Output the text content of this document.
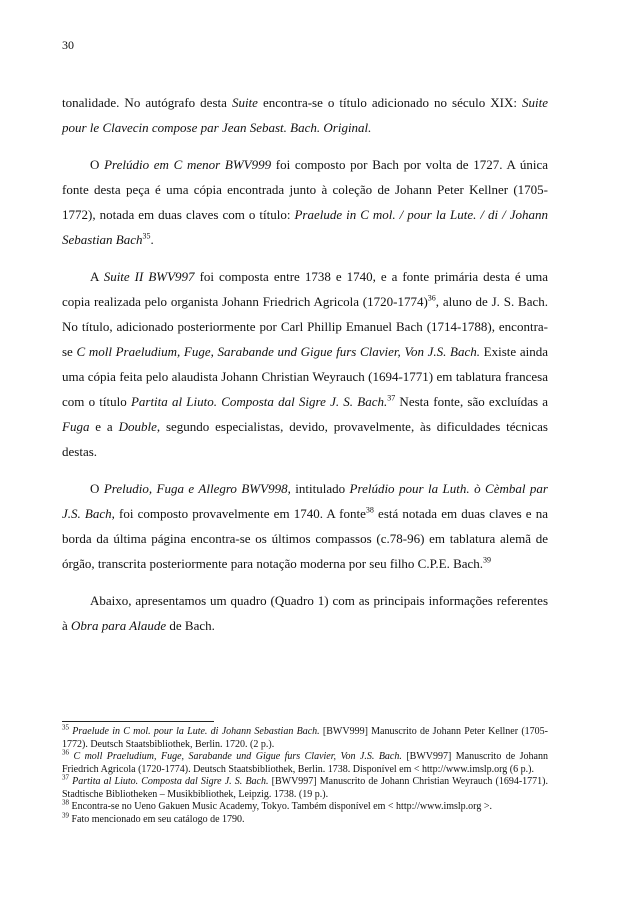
30

tonalidade. No autógrafo desta Suite encontra-se o título adicionado no século XIX: Suite pour le Clavecin compose par Jean Sebast. Bach. Original.

O Prelúdio em C menor BWV999 foi composto por Bach por volta de 1727. A única fonte desta peça é uma cópia encontrada junto à coleção de Johann Peter Kellner (1705-1772), notada em duas claves com o título: Praelude in C mol. / pour la Lute. / di / Johann Sebastian Bach$^{35}$.

A Suite II BWV997 foi composta entre 1738 e 1740, e a fonte primária desta é uma copia realizada pelo organista Johann Friedrich Agricola (1720-1774)$^{36}$, aluno de J. S. Bach. No título, adicionado posteriormente por Carl Phillip Emanuel Bach (1714-1788), encontra-se C moll Praeludium, Fuge, Sarabande und Gigue furs Clavier, Von J.S. Bach. Existe ainda uma cópia feita pelo alaudista Johann Christian Weyrauch (1694-1771) em tablatura francesa com o título Partita al Liuto. Composta dal Sigre J. S. Bach.$^{37}$ Nesta fonte, são excluídas a Fuga e a Double, segundo especialistas, devido, provavelmente, às dificuldades técnicas destas.

O Preludio, Fuga e Allegro BWV998, intitulado Prelúdio pour la Luth. ò Cèmbal par J.S. Bach, foi composto provavelmente em 1740. A fonte$^{38}$ está notada em duas claves e na borda da última página encontra-se os últimos compassos (c.78-96) em tablatura alemã de órgão, transcrita posteriormente para notação moderna por seu filho C.P.E. Bach.$^{39}$

Abaixo, apresentamos um quadro (Quadro 1) com as principais informações referentes à Obra para Alaude de Bach.

$^{35}$ Praelude in C mol. pour la Lute. di Johann Sebastian Bach. [BWV999] Manuscrito de Johann Peter Kellner (1705-1772). Deutsch Staatsbibliothek, Berlin. 1720. (2 p.).

$^{36}$ C moll Praeludium, Fuge, Sarabande und Gigue furs Clavier, Von J.S. Bach. [BWV997] Manuscrito de Johann Friedrich Agricola (1720-1774). Deutsch Staatsbibliothek, Berlin. 1738. Disponível em < http://www.imslp.org (6 p.).

$^{37}$ Partita al Liuto. Composta dal Sigre J. S. Bach. [BWV997] Manuscrito de Johann Christian Weyrauch (1694-1771). Stadtische Bibliotheken – Musikbibliothek, Leipzig. 1738. (19 p.).

$^{38}$ Encontra-se no Ueno Gakuen Music Academy, Tokyo. Também disponível em < http://www.imslp.org >.

$^{39}$ Fato mencionado em seu catálogo de 1790.
